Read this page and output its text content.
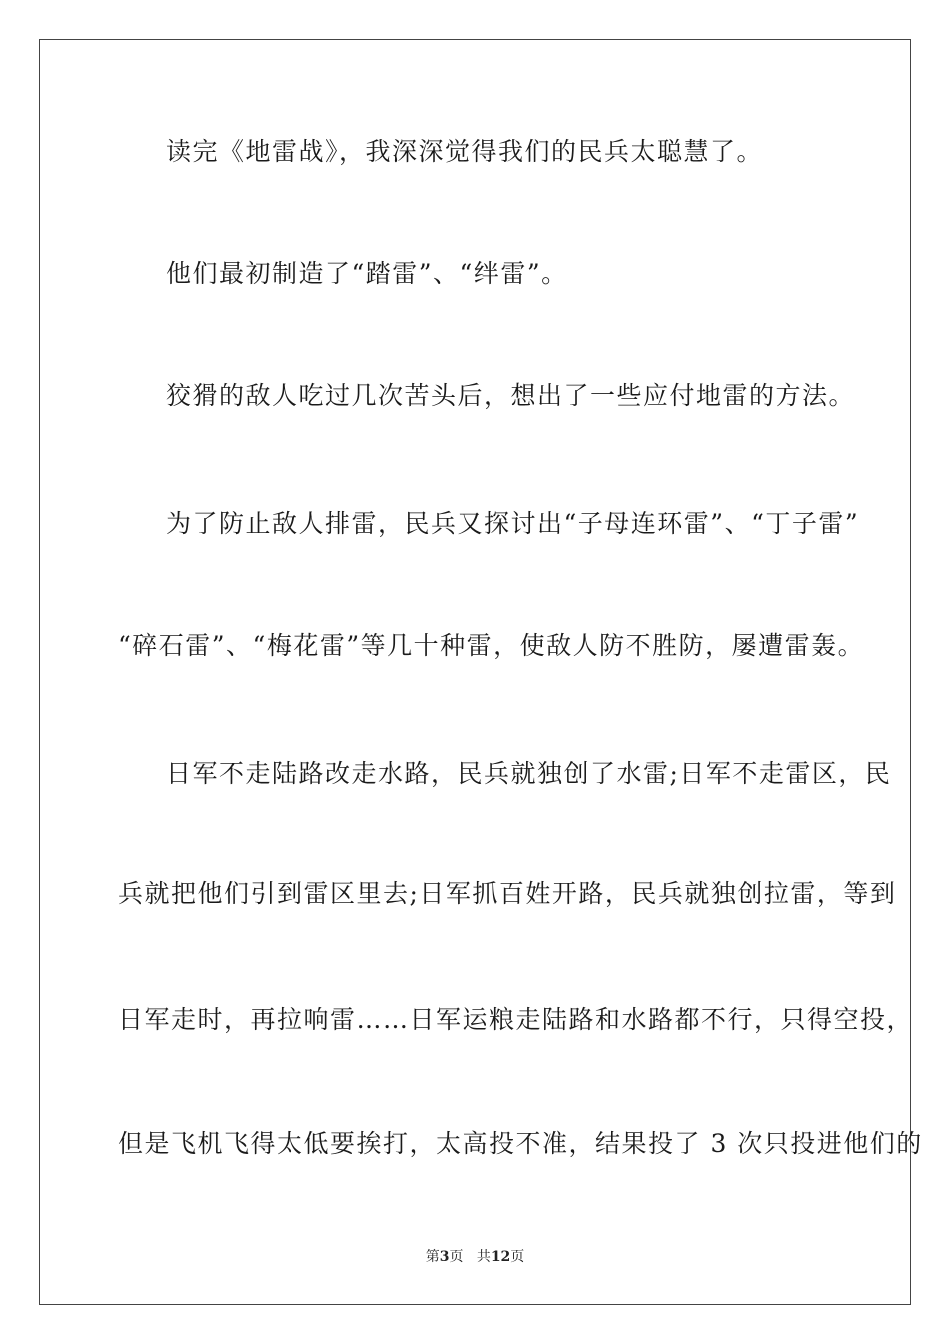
读完《地雷战》，我深深觉得我们的民兵太聪慧了。
他们最初制造了“踏雷”、“绊雷”。
狡猾的敌人吃过几次苦头后，想出了一些应付地雷的方法。
为了防止敌人排雷，民兵又探讨出“子母连环雷”、“丁子雷”
“碎石雷”、“梅花雷”等几十种雷，使敌人防不胜防，屡遭雷轰。
日军不走陆路改走水路，民兵就独创了水雷;日军不走雷区，民
兵就把他们引到雷区里去;日军抓百姓开路，民兵就独创拉雷，等到
日军走时，再拉响雷……日军运粮走陆路和水路都不行，只得空投，
但是飞机飞得太低要挨打，太高投不准，结果投了 3 次只投进他们的
第3页 共12页
